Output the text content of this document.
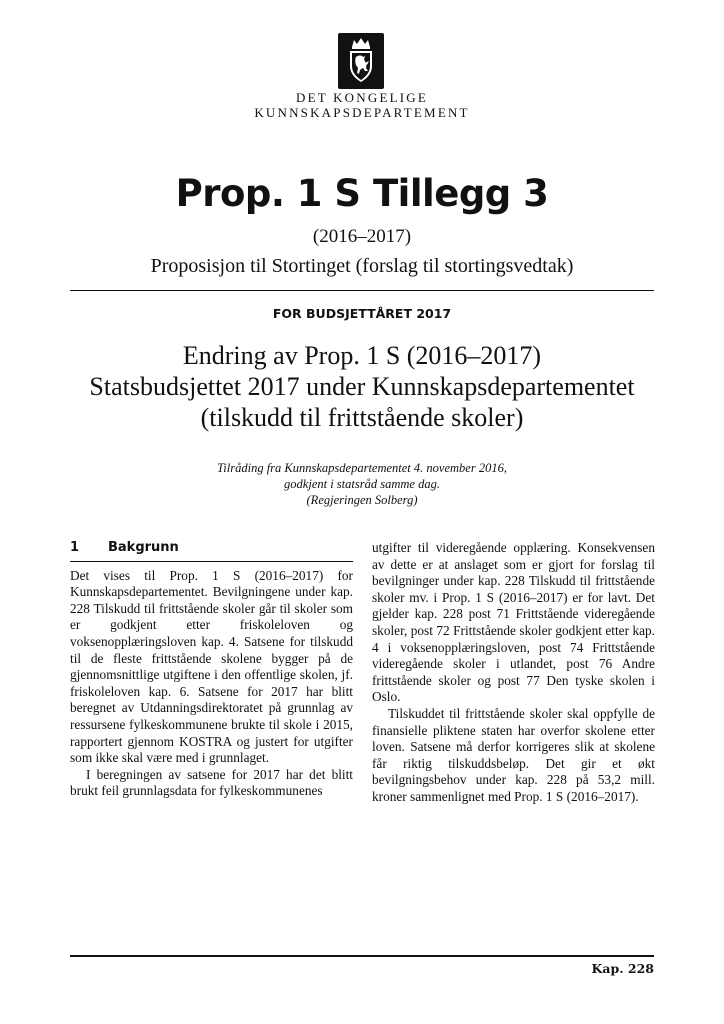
DET KONGELIGE
KUNNSKAPSDEPARTEMENT
Prop. 1 S Tillegg 3
(2016–2017)
Proposisjon til Stortinget (forslag til stortingsvedtak)
FOR BUDSJETTÅRET 2017
Endring av Prop. 1 S (2016–2017)
Statsbudsjettet 2017 under Kunnskapsdepartementet
(tilskudd til frittstående skoler)
Tilråding fra Kunnskapsdepartementet 4. november 2016,
godkjent i statsråd samme dag.
(Regjeringen Solberg)
1	Bakgrunn

Det vises til Prop. 1 S (2016–2017) for Kunnskapsdepartementet. Bevilgningene under kap. 228 Tilskudd til frittstående skoler går til skoler som er godkjent etter friskoleloven og voksenopplæringsloven kap. 4. Satsene for tilskudd til de fleste frittstående skolene bygger på de gjennomsnittlige utgiftene i den offentlige skolen, jf. friskoleloven kap. 6. Satsene for 2017 har blitt beregnet av Utdanningsdirektoratet på grunnlag av ressursene fylkeskommunene brukte til skole i 2015, rapportert gjennom KOSTRA og justert for utgifter som ikke skal være med i grunnlaget.

I beregningen av satsene for 2017 har det blitt brukt feil grunnlagsdata for fylkeskommunenes

utgifter til videregående opplæring. Konsekvensen av dette er at anslaget som er gjort for forslag til bevilgninger under kap. 228 Tilskudd til frittstående skoler mv. i Prop. 1 S (2016–2017) er for lavt. Det gjelder kap. 228 post 71 Frittstående videregående skoler, post 72 Frittstående skoler godkjent etter kap. 4 i voksenopplæringsloven, post 74 Frittstående videregående skoler i utlandet, post 76 Andre frittstående skoler og post 77 Den tyske skolen i Oslo.

Tilskuddet til frittstående skoler skal oppfylle de finansielle pliktene staten har overfor skolene etter loven. Satsene må derfor korrigeres slik at skolene får riktig tilskuddsbeløp. Det gir et økt bevilgningsbehov under kap. 228 på 53,2 mill. kroner sammenlignet med Prop. 1 S (2016–2017).

Kap. 228
